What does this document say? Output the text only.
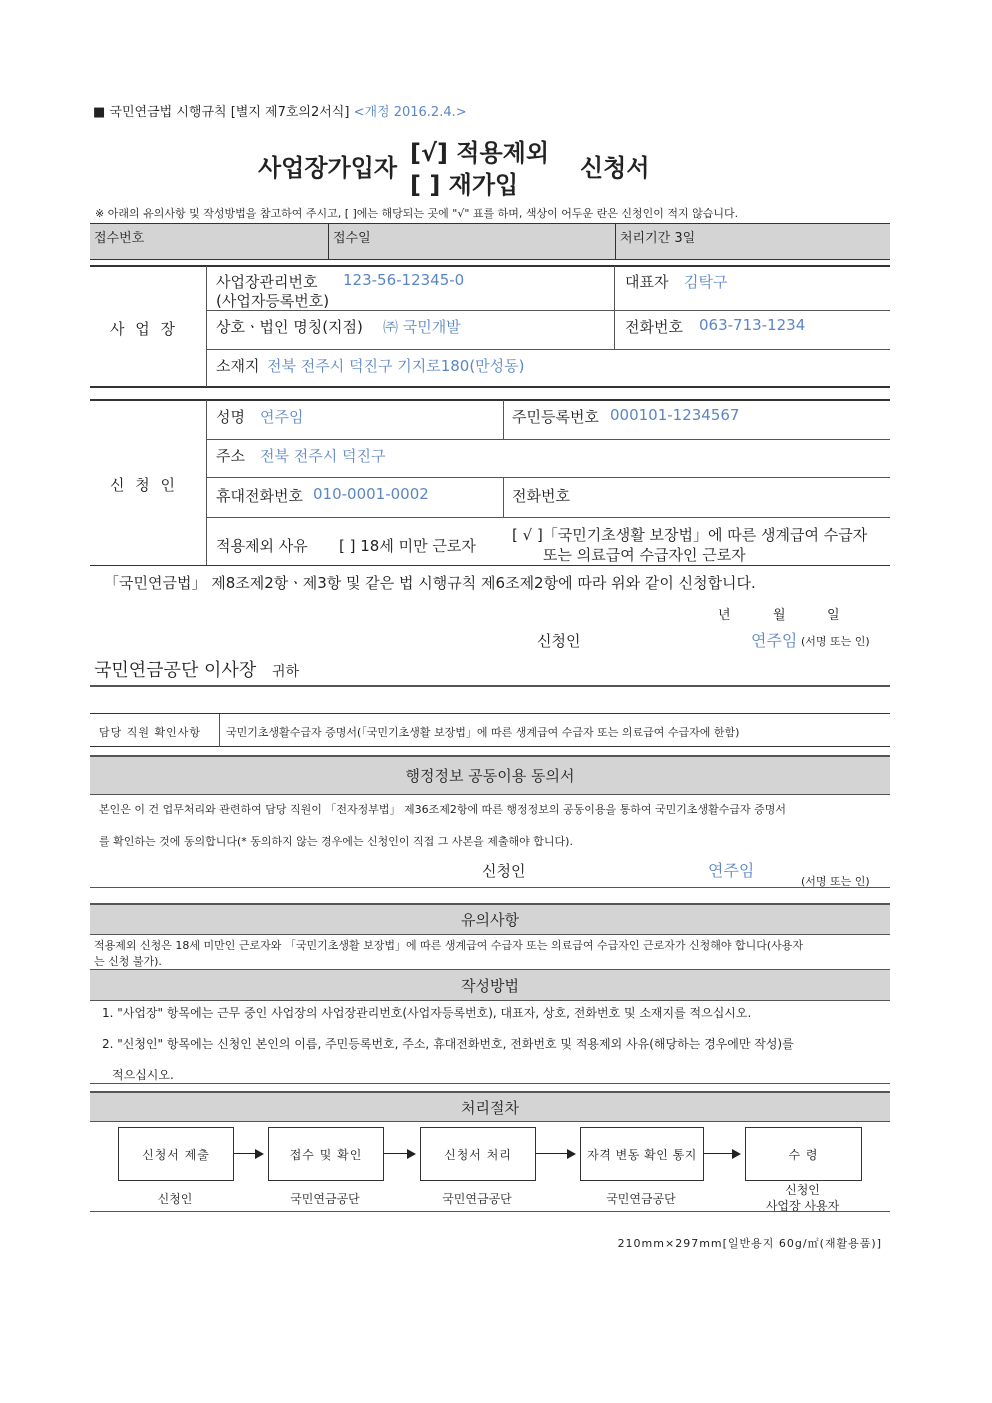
■ 국민연금법 시행규칙 [별지 제7호의2서식] <개정 2016.2.4.>
사업장가입자
[√] 적용제외
[ ] 재가입
신청서
※ 아래의 유의사항 및 작성방법을 참고하여 주시고, [ ]에는 해당되는 곳에 "√" 표를 하며, 색상이 어두운 란은 신청인이 적지 않습니다.
접수번호	접수일	처리기간 3일
사 업 장
사업장관리번호 123-56-12345-0
(사업자등록번호)
대표자 김탁구
상호ㆍ법인 명칭(지점) ㈜ 국민개발	전화번호 063-713-1234
소재지 전북 전주시 덕진구 기지로180(만성동)
신 청 인
성명 연주임	주민등록번호 000101-1234567
주소 전북 전주시 덕진구
휴대전화번호 010-0001-0002	전화번호
적용제외 사유 [ ] 18세 미만 근로자
[ √ ]「국민기초생활 보장법」에 따른 생계급여 수급자
또는 의료급여 수급자인 근로자
「국민연금법」 제8조제2항ㆍ제3항 및 같은 법 시행규칙 제6조제2항에 따라 위와 같이 신청합니다.
년	월	일
신청인	연주임 (서명 또는 인)
국민연금공단 이사장 귀하
담당 직원 확인사항 국민기초생활수급자 증명서(「국민기초생활 보장법」에 따른 생계급여 수급자 또는 의료급여 수급자에 한함)
행정정보 공동이용 동의서
본인은 이 건 업무처리와 관련하여 담당 직원이 「전자정부법」 제36조제2항에 따른 행정정보의 공동이용을 통하여 국민기초생활수급자 증명서
를 확인하는 것에 동의합니다(* 동의하지 않는 경우에는 신청인이 직접 그 사본을 제출해야 합니다).
신청인	연주임
(서명 또는 인)
유의사항
적용제외 신청은 18세 미만인 근로자와 「국민기초생활 보장법」에 따른 생계급여 수급자 또는 의료급여 수급자인 근로자가 신청해야 합니다(사용자
는 신청 불가).
작성방법
1. "사업장" 항목에는 근무 중인 사업장의 사업장관리번호(사업자등록번호), 대표자, 상호, 전화번호 및 소재지를 적으십시오.
2. "신청인" 항목에는 신청인 본인의 이름, 주민등록번호, 주소, 휴대전화번호, 전화번호 및 적용제외 사유(해당하는 경우에만 작성)를
적으십시오.
처리절차
신청서 제출	접수 및 확인	신청서 처리	자격 변동 확인 통지	수 령
신청인	국민연금공단	국민연금공단	국민연금공단
신청인
사업장 사용자
210mm×297mm[일반용지 60g/㎡(재활용품)]
